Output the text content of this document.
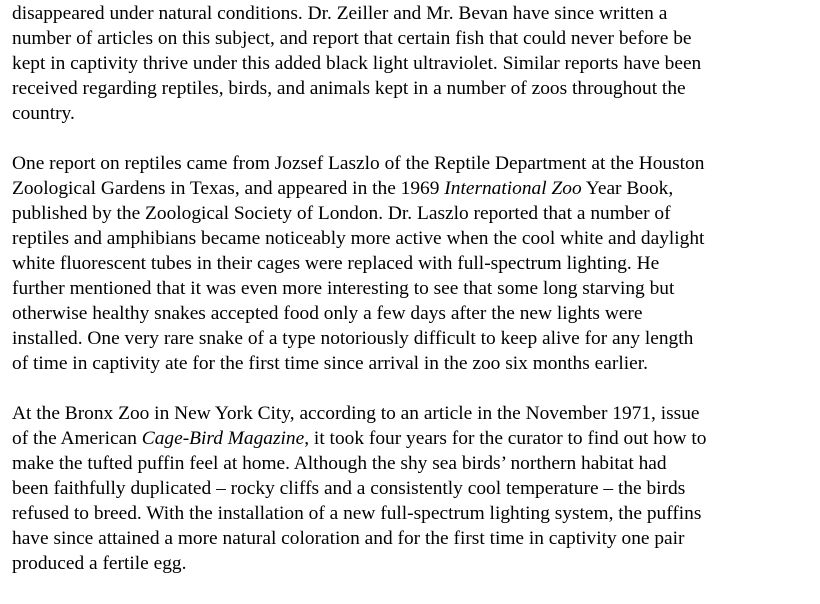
disappeared under natural conditions. Dr. Zeiller and Mr. Bevan have since written a
number of articles on this subject, and report that certain fish that could never before be
kept in captivity thrive under this added black light ultraviolet. Similar reports have been
received regarding reptiles, birds, and animals kept in a number of zoos throughout the
country.

One report on reptiles came from Jozsef Laszlo of the Reptile Department at the Houston
Zoological Gardens in Texas, and appeared in the 1969 International Zoo Year Book,
published by the Zoological Society of London. Dr. Laszlo reported that a number of
reptiles and amphibians became noticeably more active when the cool white and daylight
white fluorescent tubes in their cages were replaced with full-spectrum lighting. He
further mentioned that it was even more interesting to see that some long starving but
otherwise healthy snakes accepted food only a few days after the new lights were
installed. One very rare snake of a type notoriously difficult to keep alive for any length
of time in captivity ate for the first time since arrival in the zoo six months earlier.

At the Bronx Zoo in New York City, according to an article in the November 1971, issue
of the American Cage-Bird Magazine, it took four years for the curator to find out how to
make the tufted puffin feel at home. Although the shy sea birds’ northern habitat had
been faithfully duplicated – rocky cliffs and a consistently cool temperature – the birds
refused to breed. With the installation of a new full-spectrum lighting system, the puffins
have since attained a more natural coloration and for the first time in captivity one pair
produced a fertile egg.
